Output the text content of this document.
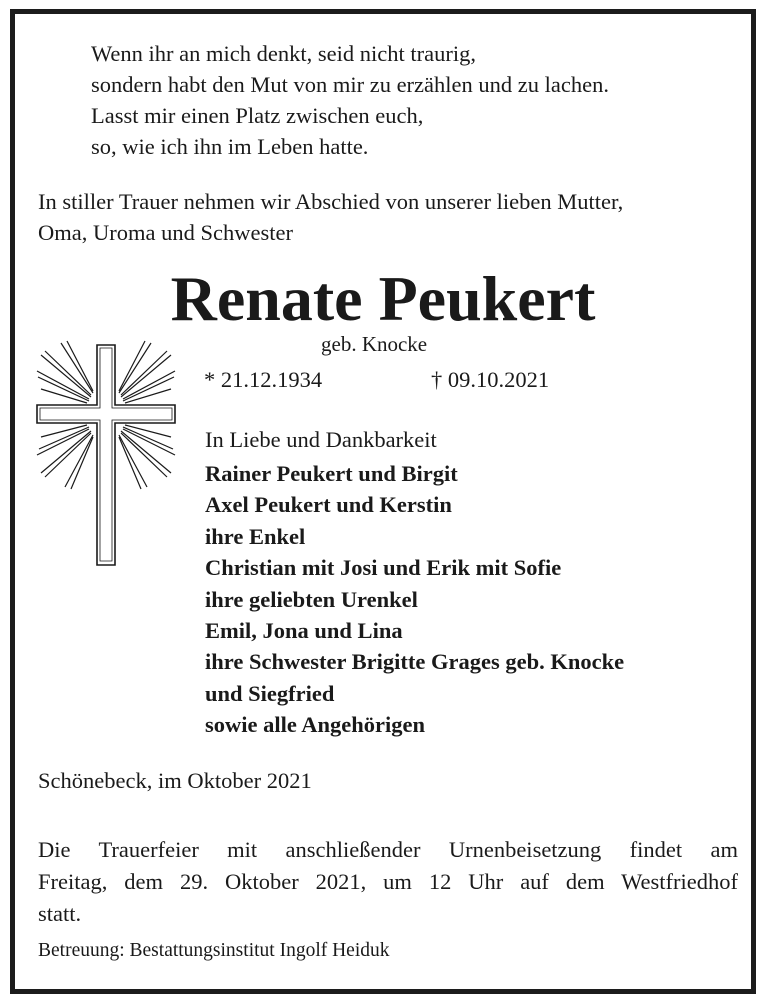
Wenn ihr an mich denkt, seid nicht traurig,
sondern habt den Mut von mir zu erzählen und zu lachen.
Lasst mir einen Platz zwischen euch,
so, wie ich ihn im Leben hatte.
In stiller Trauer nehmen wir Abschied von unserer lieben Mutter,
Oma, Uroma und Schwester
Renate Peukert
geb. Knocke
* 21.12.1934	† 09.10.2021
In Liebe und Dankbarkeit
Rainer Peukert und Birgit
Axel Peukert und Kerstin
ihre Enkel
Christian mit Josi und Erik mit Sofie
ihre geliebten Urenkel
Emil, Jona und Lina
ihre Schwester Brigitte Grages geb. Knocke
und Siegfried
sowie alle Angehörigen
Schönebeck, im Oktober 2021
Die Trauerfeier mit anschließender Urnenbeisetzung findet am
Freitag, dem 29. Oktober 2021, um 12 Uhr auf dem Westfriedhof
statt.
Betreuung: Bestattungsinstitut Ingolf Heiduk
